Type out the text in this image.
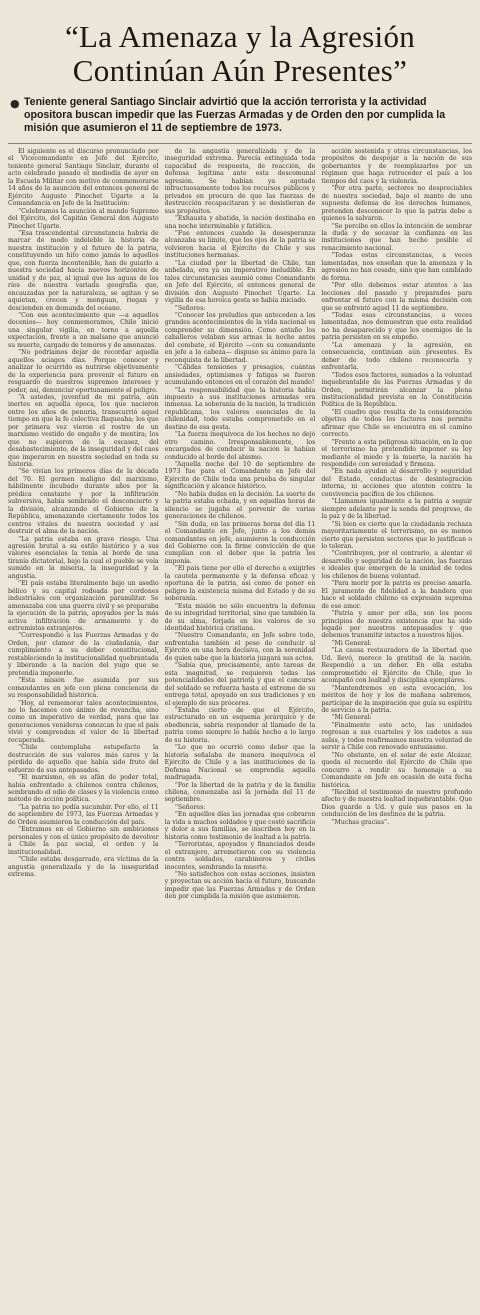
“La Amenaza y la Agresión
Continúan Aún Presentes”
● Teniente general Santiago Sinclair advirtió que la acción terrorista y la actividad opositora buscan impedir que las Fuerzas Armadas y de Orden den por cumplida la misión que asumieron el 11 de septiembre de 1973.

El siguiente es el discurso pronunciado por el Vicecomandante en Jefe del Ejército, teniente general Santiago Sinclair, durante el acto celebrado pasado el mediodía de ayer en la Escuela Militar con motivo de conmemorarse 14 años de la asunción del entonces general de Ejército Augusto Pinochet Ugarte a la Comandancia en Jefe de la Institución:

“Celebramos la asunción al mando Supremo del Ejército, del Capitán General don Augusto Pinochet Ugarte.

“Esa trascendental circunstancia habría de marcar de modo indeleble la historia de nuestra institución y el futuro de la patria, constituyendo un hito como jamás lo aquellos que, con fuerza incontenible, han de guiarlo a nuestra sociedad hacia nuevos horizontes de unidad y de paz, al igual que las aguas de los ríos de nuestra variada geografía que, encauzadas por la naturaleza, se agitan y se aquietan, crecen y menguan, riegan y descienden en demanda del océano.

“Con ese acontecimiento que —a aquellos decenios— hoy conmemoramos, Chile inició una singular vigilia, en torno a aquella expectación, frente a un malsano que anunció su muerte, cargado de temores y de amenazas.

“No podríamos dejar de recordar aquella aquellos aciagos días. Porque conocer y analizar lo ocurrido es nutrirse objetivamente de la experiencia para prevenir el futuro en resguardo de nuestros supremos intereses y poder, así, denunciar oportunamente el peligro.

“A ustedes, juventud de mi patria, aún inertes en aquella época, los que nacieron entre los años de penuria, transcurrió aquel tiempo en que la fe colectiva flaqueaba; los que por primera vez vieron el rostro de un marxismo vestido de engaño y de mentira; los que no supieron de la escasez, del desabastecimiento, de la inseguridad y del caos que imperaron en nuestra sociedad en toda su historia.

“Se vivían los primeros días de la década del 70. El germen maligno del marxismo, hábilmente incubado durante años por la prédica constante y por la infiltración subversiva, había sembrado el desconcierto y la división, alcanzando el Gobierno de la República, amenazando ciertamente todos los centros vitales de nuestra sociedad y así destruir el alma de la nación.

“La patria estaba en grave riesgo. Una agresión brutal a su estilo histórico y a sus valores esenciales la tenía al borde de una tiranía dictatorial, bajo la cual el pueblo se veía sumido en la miseria, la inseguridad y la angustia.

“El país estaba literalmente bajo un asedio bélico y su capital rodeada por cordones industriales con organización paramilitar. Se amenazaba con una guerra civil y se preparaba la ejecución de la patria, apoyados por la más activa infiltración de armamento y de extremistas extranjeros.

“Correspondió a las Fuerzas Armadas y de Orden, por clamor de la ciudadanía, dar cumplimiento a su deber constitucional, restableciendo la institucionalidad quebrantada y liberando a la nación del yugo que se pretendía imponerle.

“Esta misión fue asumida por sus comandantes en jefe con plena conciencia de su responsabilidad histórica.

“Hoy, al rememorar tales acontecimientos, no lo hacemos con ánimo de revancha, sino como un imperativo de verdad, para que las generaciones venideras conozcan lo que el país vivió y comprendan el valor de la libertad recuperada.

“Chile contemplaba estupefacto la destrucción de sus valores más caros y la pérdida de aquello que había sido fruto del esfuerzo de sus antepasados.

“El marxismo, en su afán de poder total, había enfrentado a chilenos contra chilenos, sembrando el odio de clases y la violencia como método de acción política.

“La patria no podía sucumbir. Por ello, el 11 de septiembre de 1973, las Fuerzas Armadas y de Orden asumieron la conducción del país.

“Entramos en el Gobierno sin ambiciones personales y con el único propósito de devolver a Chile la paz social, el orden y la institucionalidad.

“Chile estaba desgarrado, era víctima de la angustia generalizada y de la inseguridad extrema.

de la angustia generalizada y de la inseguridad extrema. Parecía extinguida toda capacidad de respuesta, de reacción, de defensa legítima ante esta descomunal agresión. Se habían ya agotado infructuosamente todos los recursos públicos y privados en procura de que las fuerzas de destrucción recapacitaran y se desistieran de sus propósitos.

“Exhausta y abatida, la nación destinaba en una noche interminable y fatídica.

“Fue entonces cuando la desesperanza alcanzaba su límite, que los ojos de la patria se volvieron hacia el Ejército de Chile y sus instituciones hermanas.

“La ciudad por la libertad de Chile, tan anhelada, era ya un imperativo ineludible. En tales circunstancias asumió como Comandante en Jefe del Ejército, el entonces general de división don Augusto Pinochet Ugarte. La vigilia de esa heroica gesta se había iniciado.

“Señores:

“Conocer los preludios que anteceden a los grandes acontecimientos de la vida nacional es comprender su dimensión. Como antaño los caballeros velaban sus armas la noche antes del combate, el Ejército —con su comandante en jefe a la cabeza— dispuso su ánimo para la reconquista de la libertad.

“Cálidas tensiones y presagios, cuántas ansiedades, optimismos y fatigas se fueron acumulando entonces en el corazón del mando!

“La responsabilidad que la historia había impuesto a sus instituciones armadas era inmensa. La soberanía de la nación, la tradición republicana, los valores esenciales de la chilenidad, todo estaba comprometido en el destino de esa gesta.

“La fuerza inequívoca de los hechos no dejó otro camino. Irresponsablemente, los encargados de conducir la nación la habían conducido al borde del abismo.

“Aquella noche del 10 de septiembre de 1973 fue para el Comandante en Jefe del Ejército de Chile toda una prueba de singular significación y alcance histórico.

“No había dudas en la decisión. La suerte de la patria estaba echada, y en aquellas horas de silencio se jugaba el porvenir de varias generaciones de chilenos.

“Sin duda, en las primeras horas del día 11 el Comandante en Jefe, junto a los demás comandantes en jefe, asumieron la conducción del Gobierno con la firme convicción de que cumplían con el deber que la patria les imponía.

“El país tiene por ello el derecho a exigirles la cautela permanente y la defensa eficaz y oportuna de la patria, así como de poner en peligro la existencia misma del Estado y de su soberanía.

“Esta misión no sólo encuentra la defensa de su integridad territorial, sino que también la de su alma, forjada en los valores de su identidad histórica cristiana.

“Nuestro Comandante, en Jefe sobre todo, enfrentaba también el peso de conducir al Ejército en una hora decisiva, con la serenidad de quien sabe que la historia juzgará sus actos.

“Sabía que, precisamente, ante tareas de esta magnitud, se requieren todas las potencialidades del patriota y que el concurso del soldado se refuerza hasta el extremo de su entrega total, apoyado en sus tradiciones y en el ejemplo de sus próceres.

“Estaba cierto de que el Ejército, estructurado en un esquema jerárquico y de obediencia, sabría responder al llamado de la patria como siempre lo había hecho a lo largo de su historia.

“Lo que no ocurrió como deber que la historia señalaba de manera inequívoca el Ejército de Chile y a las instituciones de la Defensa Nacional se emprendía aquella madrugada.

“Por la libertad de la patria y de la familia chilena, comenzaba así la jornada del 11 de septiembre.

“Señores:

“En aquellos días las jornadas que cobraron la vida a muchos soldados y que costó sacrificio y dolor a sus familias, se inscriben hoy en la historia como testimonio de lealtad a la patria.

“Terroristas, apoyados y financiados desde el extranjero, arremetieron con su violencia contra soldados, carabineros y civiles inocentes, sembrando la muerte.

“No satisfechos con estas acciones, insisten y proyectan su acción hacia el futuro, buscando impedir que las Fuerzas Armadas y de Orden den por cumplida la misión que asumieron.

acción sostenida y otras circunstancias, los propósitos de despojar a la nación de sus gobernantes y de reemplazarlos por un régimen que haga retroceder el país a los tiempos del caos y la violencia.

“Por otra parte, sectores no despreciables de nuestra sociedad, bajo el manto de una supuesta defensa de los derechos humanos, pretenden desconocer lo que la patria debe a quienes la salvaron.

“Se percibe en ellos la intención de sembrar la duda y de socavar la confianza en las instituciones que han hecho posible el renacimiento nacional.

“Todas estas circunstancias, a veces lamentadas, nos enseñan que la amenaza y la agresión no han cesado, sino que han cambiado de forma.

“Por ello debemos estar atentos a las lecciones del pasado y preparados para enfrentar el futuro con la misma decisión con que se enfrentó aquel 11 de septiembre.

“Todas esas circunstancias, a veces lamentadas, nos demuestran que esta realidad no ha desaparecido y que los enemigos de la patria persisten en su empeño.

“La amenaza y la agresión, en consecuencia, continúan aún presentes. Es deber de todo chileno reconocerla y enfrentarla.

“Todos esos factores, sumados a la voluntad inquebrantable de las Fuerzas Armadas y de Orden, permitirán alcanzar la plena institucionalidad prevista en la Constitución Política de la República.

“El cuadro que resulta de la consideración objetiva de todos los factores nos permite afirmar que Chile se encuentra en el camino correcto.

“Frente a esta peligrosa situación, en la que el terrorismo ha pretendido imponer su ley mediante el miedo y la muerte, la nación ha respondido con serenidad y firmeza.

“En nada ayudan al desarrollo y seguridad del Estado, conductas de desintegración interna, ni acciones que atenten contra la convivencia pacífica de los chilenos.

“Llamamos igualmente a la patria a seguir siempre adelante por la senda del progreso, de la paz y de la libertad.

“Si bien es cierto que la ciudadanía rechaza mayoritariamente el terrorismo, no es menos cierto que persisten sectores que lo justifican o lo toleran.

“Contribuyen, por el contrario, a alentar el desarrollo y seguridad de la nación, las fuerzas e ideales que emergen de la unidad de todos los chilenos de buena voluntad.

“Para morir por la patria es preciso amarla. El juramento de fidelidad a la bandera que hace el soldado chileno es expresión suprema de ese amor.

“Patria y amor por ella, son los pocos principios de nuestra existencia que ha sido legado por nuestros antepasados y que debemos transmitir intactos a nuestros hijos.

“Mi General:

“La causa restauradora de la libertad que Ud. llevó, merece la gratitud de la nación. Respondió a un deber. En ella estaba comprometido el Ejército de Chile, que lo acompañó con lealtad y disciplina ejemplares.

“Mantendremos en esta evocación, los méritos de hoy y los de mañana sabremos, participar de la inspiración que guía su espíritu de servicio a la patria.

“Mi General:

“Finalmente este acto, las unidades regresan a sus cuarteles y los cadetes a sus aulas, y todos reafirmamos nuestra voluntad de servir a Chile con renovado entusiasmo.

“No obstante, en el solar de este Alcázar, queda el recuerdo del Ejército de Chile que concurre a rendir su homenaje a su Comandante en Jefe en ocasión de esta fecha histórica.

“Recibid el testimonio de nuestro profundo afecto y de nuestra lealtad inquebrantable. Que Dios guarde a Ud. y guíe sus pasos en la conducción de los destinos de la patria.

“Muchas gracias”.
